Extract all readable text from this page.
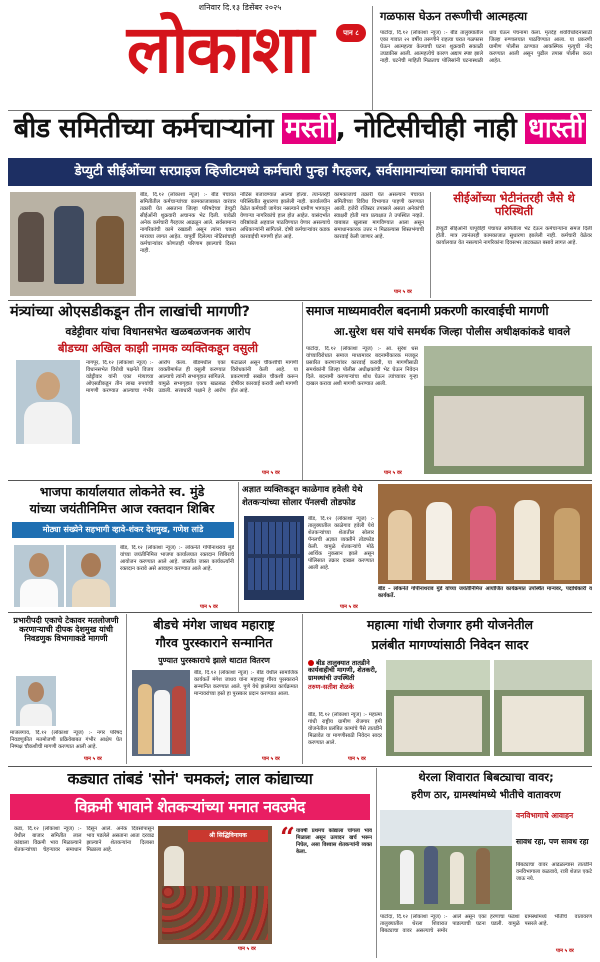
शनिवार दि.१३ डिसेंबर २०२५
लोकाशा	पान ८
गळफास घेऊन तरूणीची आत्महत्या
पाटोदा, दि.१२ (लोकाशा न्यूज) :- बीड तालुक्यातील एका गावात २२ वर्षीय तरूणीने राहत्या घरात गळफास घेऊन आत्महत्या केल्याची घटना शुक्रवारी सकाळी उघडकीस आली. आत्महत्येचे कारण अद्याप स्पष्ट झाले नाही. घटनेची माहिती मिळताच पोलिसांनी घटनास्थळी धाव घेऊन पंचनामा केला. मृतदेह शवविच्छेदनासाठी जिल्हा रुग्णालयात पाठविण्यात आला. या प्रकरणी ग्रामीण पोलीस ठाण्यात आकस्मिक मृत्यूची नोंद करण्यात आली असून पुढील तपास पोलीस करत आहेत.
बीड समितीच्या कर्मचाऱ्यांना मस्ती , नोटिसीचीही नाही धास्ती
डेप्युटी सीईओंच्या सरप्राइज व्हिजीटमध्ये कर्मचारी पुन्हा गैरहजर, सर्वसामान्यांच्या कामांची पंचायत
बीड, दि.१२ (लोकाशा न्यूज) :- बीड पंचायत समितीतील कर्मचाऱ्यांच्या कामकाजाबाबत वारंवार तक्रारी येत असताना जिल्हा परिषदेच्या डेप्युटी सीईओंनी शुक्रवारी अचानक भेट दिली. यावेळी अनेक कर्मचारी गैरहजर आढळून आले. सर्वसामान्य नागरिकांची कामे रखडली असून त्यांना चकरा माराव्या लागत आहेत. यापूर्वी दिलेल्या नोटिसांचाही कर्मचाऱ्यांवर कोणताही परिणाम झाल्याचे दिसत नाही.
नोटिस बजावण्यात आल्या होत्या. त्यानंतरही परिस्थितीत सुधारणा झालेली नाही. कार्यालयीन वेळेत कर्मचारी जागेवर नसल्याने ग्रामीण भागातून येणाऱ्या नागरिकांचे हाल होत आहेत. यासंदर्भात वरिष्ठांकडे अहवाल पाठविण्यात येणार असल्याचे अधिकाऱ्यांनी सांगितले. दोषी कर्मचाऱ्यांवर कडक कारवाईची मागणी होत आहे.
कामकाजाचे तक्रारी येत असल्याने पंचायत समितीच्या विविध विभागात पाहणी करण्यात आली. हजेरी रजिस्टर तपासले असता अनेकांची स्वाक्षरी होती मात्र प्रत्यक्षात ते उपस्थित नव्हते. याबाबत खुलासा मागविण्यात आला असून समाधानकारक उत्तर न मिळाल्यास शिस्तभंगाची कारवाई केली जाणार आहे.
पान ५ वर
सीईओंच्या भेटीनंतरही जैसे थे परिस्थिती
डेप्युटी सीईओंनी यापूर्वीही पंचायत समितीला भेट देऊन कर्मचाऱ्यांना समज दिली होती. मात्र त्यानंतरही कामकाजात सुधारणा झालेली नाही. कर्मचारी वेळेवर कार्यालयात येत नसल्याने नागरिकांना दिवसभर ताटकळत बसावे लागत आहे.
मंत्र्यांच्या ओएसडीकडून तीन लाखांची मागणी?
वडेट्टीवार यांचा विधानसभेत खळबळजनक आरोप
बीडच्या अखिल काझी नामक व्यक्तिकडून वसुली
नागपूर, दि.१२ (लोकाशा न्यूज) :- विधानसभेत विरोधी पक्षनेते विजय वडेट्टीवार यांनी एका मंत्र्याच्या ओएसडीकडून तीन लाख रुपयांची मागणी करण्यात आल्याचा गंभीर आरोप केला. बीडमधील एका व्यक्तीमार्फत ही वसुली करण्यात आल्याचे त्यांनी सभागृहात सांगितले. यामुळे सभागृहात एकच खळबळ उडाली. सत्ताधारी पक्षाने हे आरोप फेटाळले असून चौकशीची मागणी विरोधकांनी केली आहे. या प्रकरणाची सखोल चौकशी करून दोषींवर कारवाई करावी अशी मागणी होत आहे.
पान ५ वर
समाज माध्यमावरील बदनामी प्रकरणी कारवाईची मागणी
आ.सुरेश धस यांचे समर्थक जिल्हा पोलीस अधीक्षकांकडे धावले
पाटोदा, दि.१२ (लोकाशा न्यूज) :- आ. सुरेश धस यांच्याविरोधात समाज माध्यमावर बदनामीकारक मजकूर प्रसारित करणाऱ्यांवर कारवाई करावी, या मागणीसाठी समर्थकांनी जिल्हा पोलीस अधीक्षकांची भेट घेऊन निवेदन दिले. बदनामी करणाऱ्यांचा शोध घेऊन त्यांच्यावर गुन्हा दाखल करावा अशी मागणी करण्यात आली.
पान ५ वर
भाजपा कार्यालयात लोकनेते स्व. मुंडे
यांच्या जयंतीनिमित्त आज रक्तदान शिबिर
मोठ्या संख्येने सहभागी व्हावे-शंकर देशमुख, गणेश लांडे
बीड, दि.१२ (लोकाशा न्यूज) :- लोकनेते गोपीनाथराव मुंडे यांच्या जयंतीनिमित्त भाजपा कार्यालयात रक्तदान शिबिराचे आयोजन करण्यात आले आहे. जास्तीत जास्त कार्यकर्त्यांनी रक्तदान करावे असे आवाहन करण्यात आले आहे.
पान ५ वर
अज्ञात व्यक्तिकडून काळेगाव हवेली येथे
शेतकऱ्यांच्या सोलार पॅनलची तोडफोड
बीड, दि.१२ (लोकाशा न्यूज) :- तालुक्यातील काळेगाव हवेली येथे शेतकऱ्यांच्या शेतातील सोलार पॅनलची अज्ञात व्यक्तीने तोडफोड केली. यामुळे शेतकऱ्यांचे मोठे आर्थिक नुकसान झाले असून पोलिसात तक्रार दाखल करण्यात आली आहे.
पान ५ वर
बीड – लोकनेते गोपीनाथराव मुंडे यांच्या जयंतीनिमित्त आयोजित कार्यक्रमात उपस्थित मान्यवर, पदाधिकारी व कार्यकर्ते.
प्रभारीपदी एकाचे टेकावर मतलोजणी करणाऱ्याची दीपक देशमुख यांची निवडणुक विभागाकडे मागणी
माजलगाव, दि.१२ (लोकाशा न्यूज) :- नगर परिषद निवडणुकीत मतमोजणी प्रक्रियेबाबत गंभीर आक्षेप घेत निष्पक्ष चौकशीची मागणी करण्यात आली आहे.
पान ५ वर
बीडचे मंगेश जाधव महाराष्ट्र
गौरव पुरस्काराने सन्मानित
पुण्यात पुरस्काराचे झाले थाटात वितरण
बीड, दि.१२ (लोकाशा न्यूज) :- बीड येथील सामाजिक कार्यकर्ते मंगेश जाधव यांना महाराष्ट्र गौरव पुरस्काराने सन्मानित करण्यात आले. पुणे येथे झालेल्या कार्यक्रमात मान्यवरांच्या हस्ते हा पुरस्कार प्रदान करण्यात आला.
पान ५ वर
महात्मा गांधी रोजगार हमी योजनेतील
प्रलंबीत मागण्यांसाठी निवेदन सादर
बीड तालुक्यात तातडीने कार्यवाहीची मागणी, शेतकरी, ग्रामस्थांची उपस्थिती
तरुण-सतीश शेळके
बीड, दि.१२ (लोकाशा न्यूज) :- महात्मा गांधी राष्ट्रीय ग्रामीण रोजगार हमी योजनेतील प्रलंबित कामांचे पैसे तातडीने मिळावेत या मागणीसाठी निवेदन सादर करण्यात आले.
पान ५ वर
कड्यात तांबडं 'सोनं' चमकलं; लाल कांद्याच्या
विक्रमी भावाने शेतकऱ्यांच्या मनात नवउमेद
कडा, दि.१२ (लोकाशा न्यूज) :- येथील बाजार समितीत लाल कांद्याला विक्रमी भाव मिळाल्याने शेतकऱ्यांच्या चेहऱ्यावर समाधान दिसून आले. अनेक दिवसांपासून भाव पडलेले असताना आता दरवाढ झाल्याने शेतकऱ्यांना दिलासा मिळाला आहे.
श्री सिद्धिविनायक	“ यावर्षी प्रथमच कांद्याला चांगला भाव मिळाला असून उत्पादन खर्च भरून निघेल, असा विश्वास शेतकऱ्यांनी व्यक्त केला.
पान ५ वर
थेरला शिवारात बिबट्याचा वावर;
हरीण ठार, ग्रामस्थांमध्ये भीतीचे वातावरण
वनविभागाचे आवाहन
सावध रहा, पण सावध रहा
बिबट्याचा वावर आढळल्यास तातडीने वनविभागाला कळवावे, रात्री शेतात एकटे जाऊ नये.
पाटोदा, दि.१२ (लोकाशा न्यूज) :- तालुक्यातील थेरला शिवारात बिबट्याचा वावर असल्याचे समोर आले असून एका हरणाचा फडशा पाडल्याची घटना घडली. यामुळे ग्रामस्थांमध्ये भीतीचे वातावरण पसरले आहे.
पान ५ वर
